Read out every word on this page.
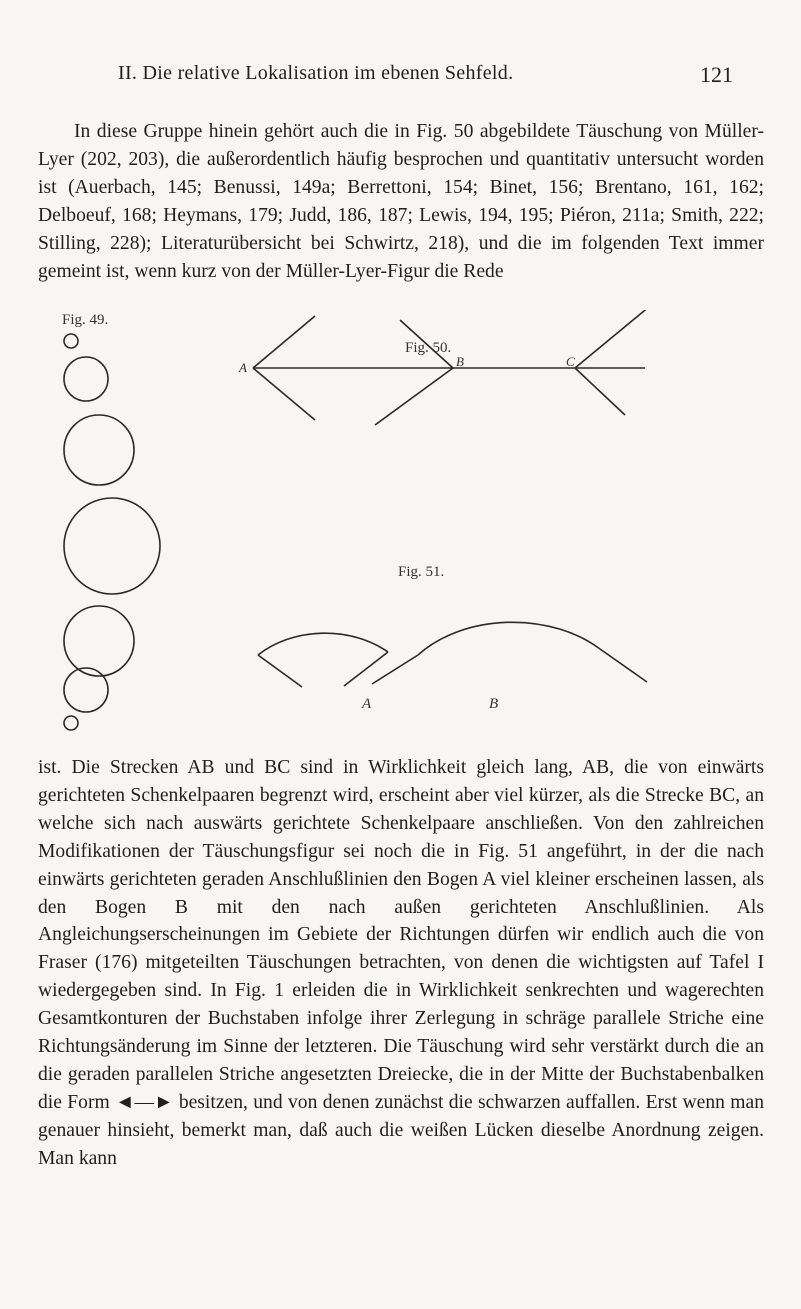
II. Die relative Lokalisation im ebenen Sehfeld.	121

In diese Gruppe hinein gehört auch die in Fig. 50 abgebildete Täuschung von Müller-Lyer (202, 203), die außerordentlich häufig besprochen und quantitativ untersucht worden ist (Auerbach, 145; Benussi, 149a; Berrettoni, 154; Binet, 156; Brentano, 161, 162; Delboeuf, 168; Heymans, 179; Judd, 186, 187; Lewis, 194, 195; Piéron, 211a; Smith, 222; Stilling, 228); Literaturübersicht bei Schwirtz, 218), und die im folgenden Text immer gemeint ist, wenn kurz von der Müller-Lyer-Figur die Rede

Fig. 49.
Fig. 50.
A	B	C
Fig. 51.
A	B

ist. Die Strecken AB und BC sind in Wirklichkeit gleich lang, AB, die von einwärts gerichteten Schenkelpaaren begrenzt wird, erscheint aber viel kürzer, als die Strecke BC, an welche sich nach auswärts gerichtete Schenkelpaare anschließen. Von den zahlreichen Modifikationen der Täuschungsfigur sei noch die in Fig. 51 angeführt, in der die nach einwärts gerichteten geraden Anschlußlinien den Bogen A viel kleiner erscheinen lassen, als den Bogen B mit den nach außen gerichteten Anschlußlinien. Als Angleichungserscheinungen im Gebiete der Richtungen dürfen wir endlich auch die von Fraser (176) mitgeteilten Täuschungen betrachten, von denen die wichtigsten auf Tafel I wiedergegeben sind. In Fig. 1 erleiden die in Wirklichkeit senkrechten und wagerechten Gesamtkonturen der Buchstaben infolge ihrer Zerlegung in schräge parallele Striche eine Richtungsänderung im Sinne der letzteren. Die Täuschung wird sehr verstärkt durch die an die geraden parallelen Striche angesetzten Dreiecke, die in der Mitte der Buchstabenbalken die Form ◄—► besitzen, und von denen zunächst die schwarzen auffallen. Erst wenn man genauer hinsieht, bemerkt man, daß auch die weißen Lücken dieselbe Anordnung zeigen. Man kann
